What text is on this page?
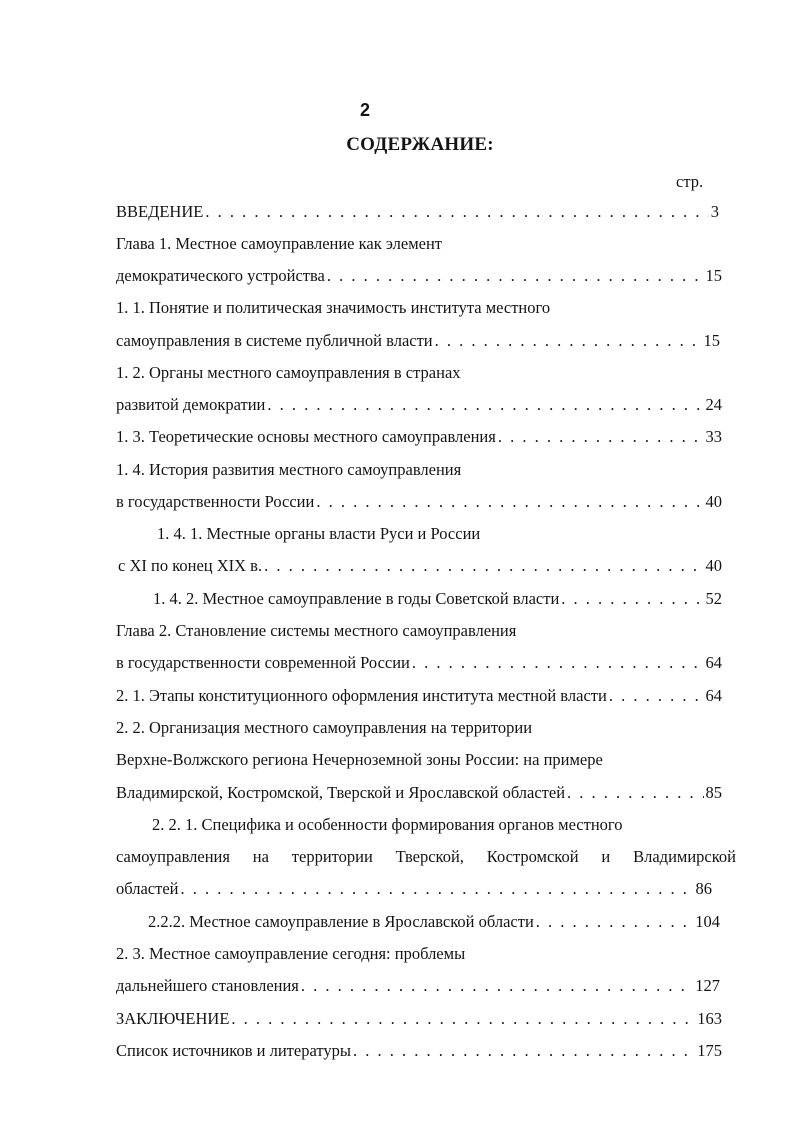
2
СОДЕРЖАНИЕ:
стр.
ВВЕДЕНИЕ . . .	3
Глава 1. Местное самоуправление как элемент
демократического устройства . . .	15
1. 1. Понятие и политическая значимость института местного
самоуправления в системе публичной власти . . .	15
1. 2. Органы местного самоуправления в странах
развитой демократии . . .	24
1. 3. Теоретические основы местного самоуправления . . .	33
1. 4. История развития местного самоуправления
в государственности России . . .	40
1. 4. 1. Местные органы власти Руси и России
с XI по конец XIX в. . . .	40
1. 4. 2. Местное самоуправление в годы Советской власти . . .	52
Глава 2. Становление системы местного самоуправления
в государственности современной России . . .	64
2. 1. Этапы конституционного оформления института местной власти . . .	64
2. 2. Организация местного самоуправления на территории
Верхне-Волжского региона Нечерноземной зоны России: на примере
Владимирской, Костромской, Тверской и Ярославской областей . . .	85
2. 2. 1. Специфика и особенности формирования органов местного
самоуправления на территории Тверской, Костромской и Владимирской
областей . . .	86
2.2.2. Местное самоуправление в Ярославской области . . .	104
2. 3. Местное самоуправление сегодня: проблемы
дальнейшего становления . . .	127
ЗАКЛЮЧЕНИЕ . . .	163
Список источников и литературы . . .	175
